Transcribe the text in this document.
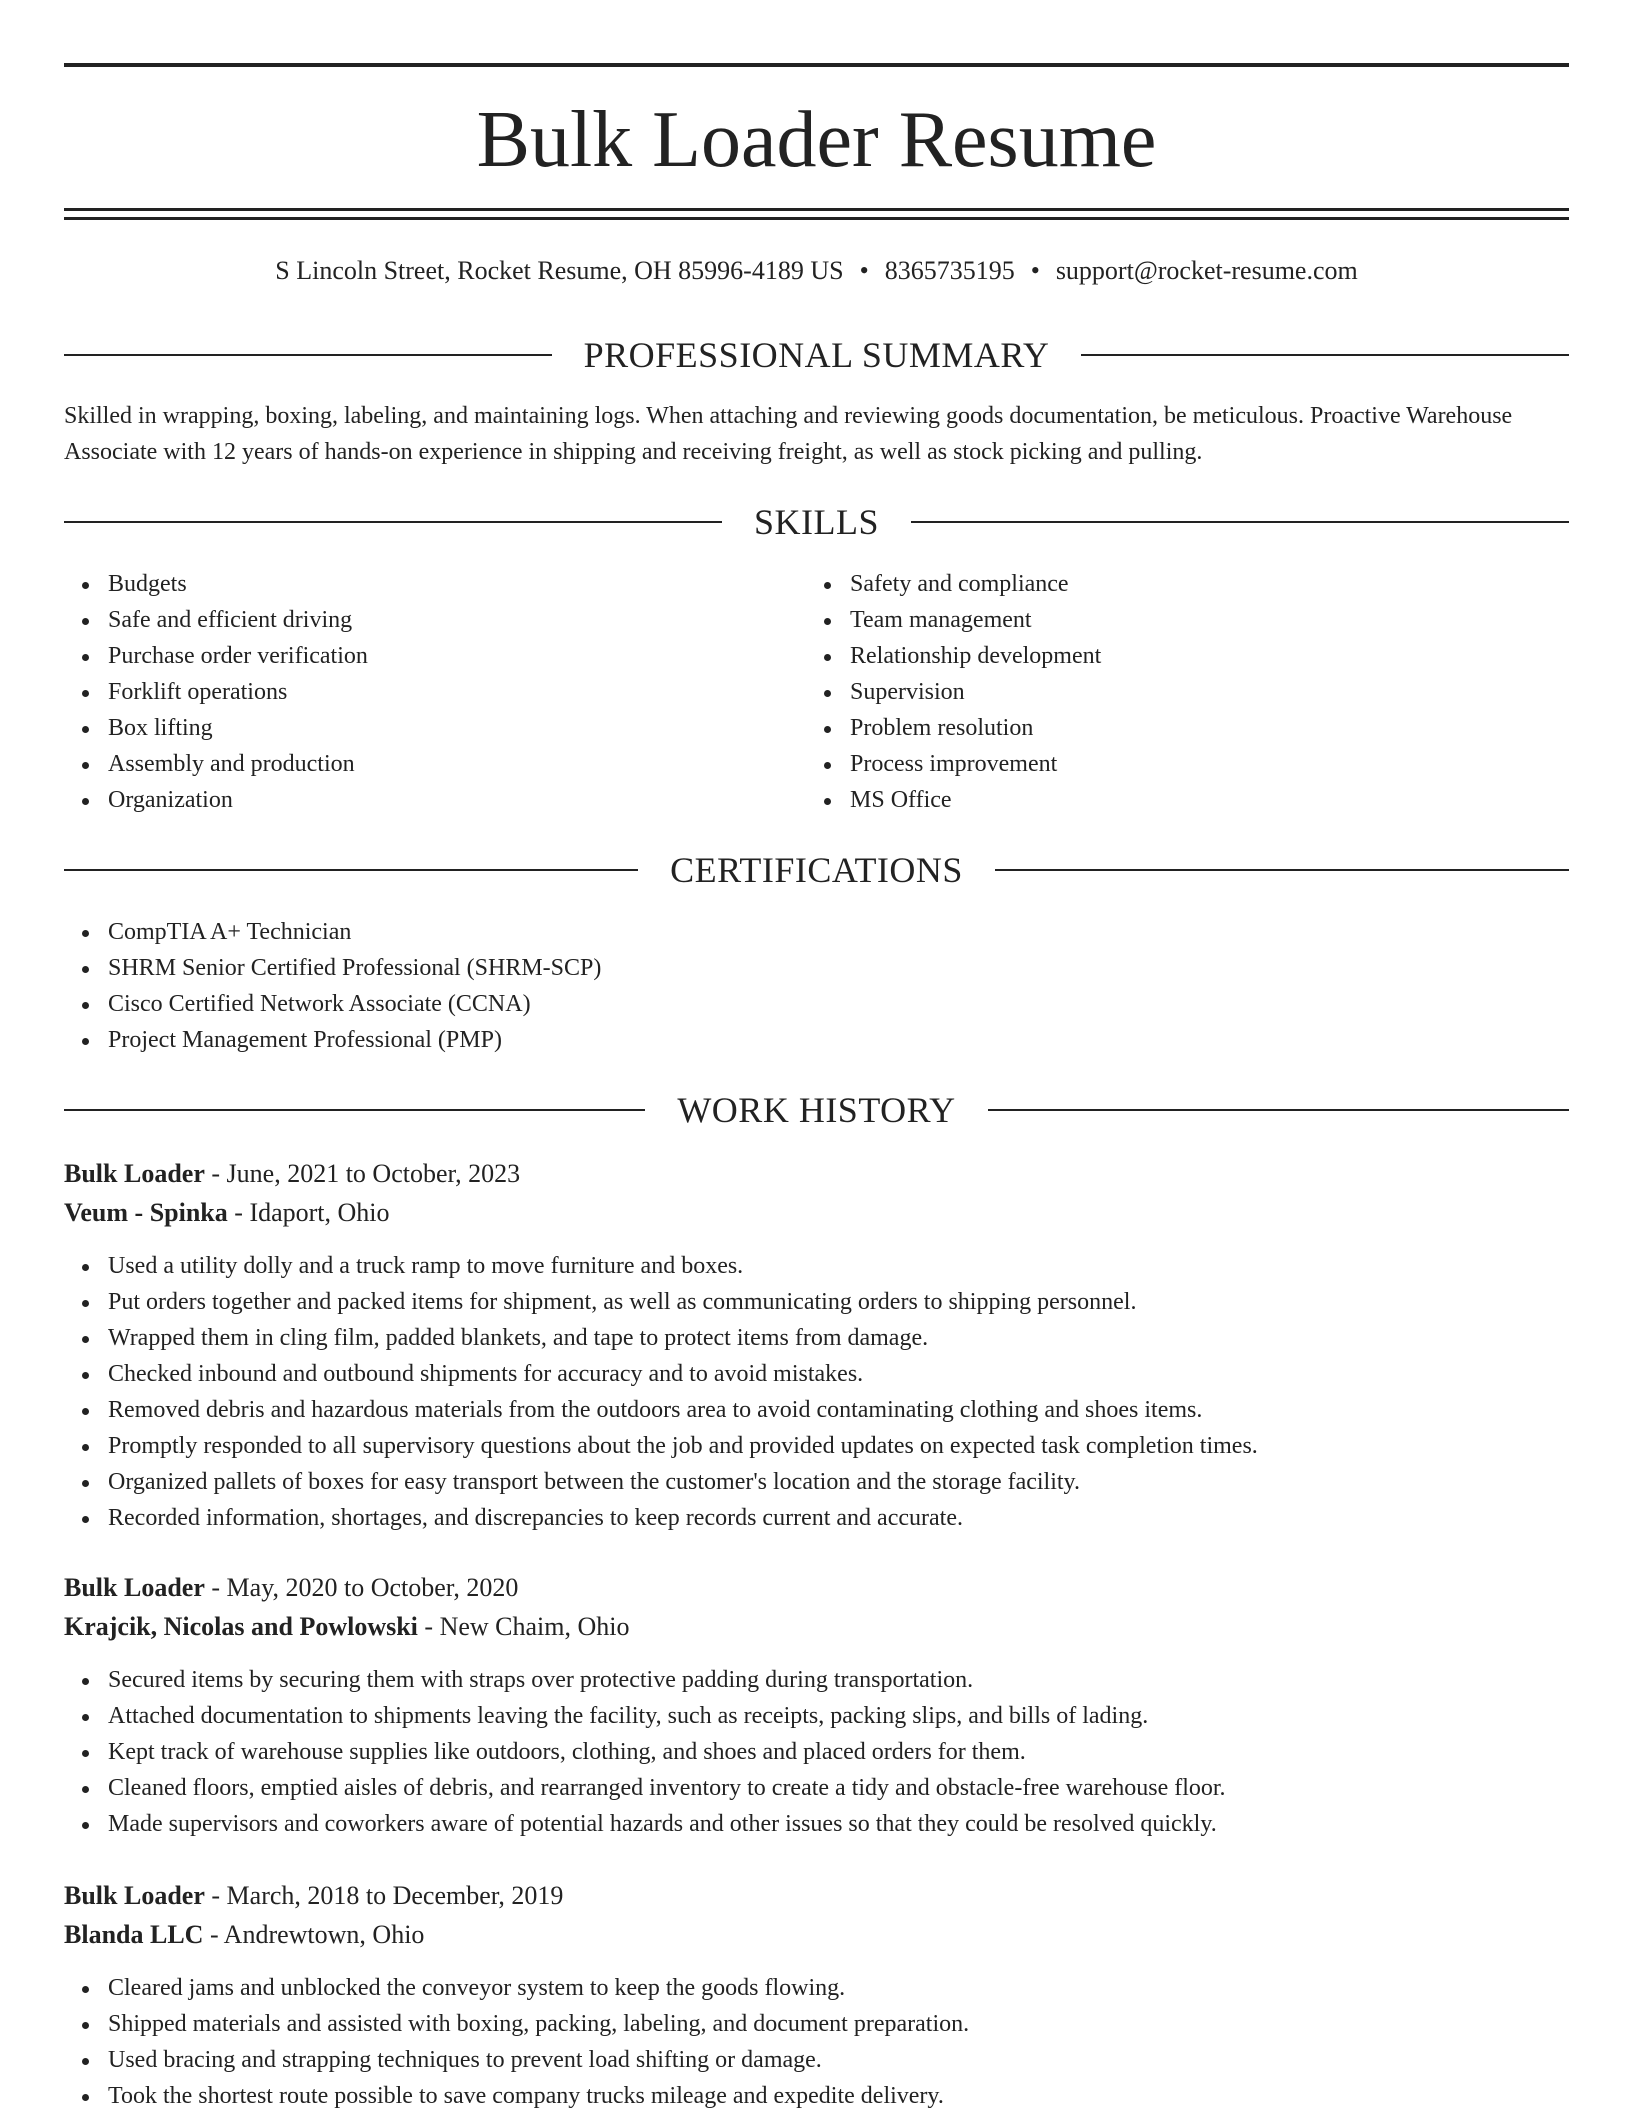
Bulk Loader Resume
S Lincoln Street, Rocket Resume, OH 85996-4189 US • 8365735195 • support@rocket-resume.com
PROFESSIONAL SUMMARY

Skilled in wrapping, boxing, labeling, and maintaining logs. When attaching and reviewing goods documentation, be meticulous. Proactive Warehouse Associate with 12 years of hands-on experience in shipping and receiving freight, as well as stock picking and pulling.

SKILLS
Budgets
Safe and efficient driving
Purchase order verification
Forklift operations
Box lifting
Assembly and production
Organization
Safety and compliance
Team management
Relationship development
Supervision
Problem resolution
Process improvement
MS Office
CERTIFICATIONS
CompTIA A+ Technician
SHRM Senior Certified Professional (SHRM-SCP)
Cisco Certified Network Associate (CCNA)
Project Management Professional (PMP)
WORK HISTORY
Bulk Loader - June, 2021 to October, 2023
Veum - Spinka - Idaport, Ohio
Used a utility dolly and a truck ramp to move furniture and boxes.
Put orders together and packed items for shipment, as well as communicating orders to shipping personnel.
Wrapped them in cling film, padded blankets, and tape to protect items from damage.
Checked inbound and outbound shipments for accuracy and to avoid mistakes.
Removed debris and hazardous materials from the outdoors area to avoid contaminating clothing and shoes items.
Promptly responded to all supervisory questions about the job and provided updates on expected task completion times.
Organized pallets of boxes for easy transport between the customer's location and the storage facility.
Recorded information, shortages, and discrepancies to keep records current and accurate.
Bulk Loader - May, 2020 to October, 2020
Krajcik, Nicolas and Powlowski - New Chaim, Ohio
Secured items by securing them with straps over protective padding during transportation.
Attached documentation to shipments leaving the facility, such as receipts, packing slips, and bills of lading.
Kept track of warehouse supplies like outdoors, clothing, and shoes and placed orders for them.
Cleaned floors, emptied aisles of debris, and rearranged inventory to create a tidy and obstacle-free warehouse floor.
Made supervisors and coworkers aware of potential hazards and other issues so that they could be resolved quickly.
Bulk Loader - March, 2018 to December, 2019
Blanda LLC - Andrewtown, Ohio
Cleared jams and unblocked the conveyor system to keep the goods flowing.
Shipped materials and assisted with boxing, packing, labeling, and document preparation.
Used bracing and strapping techniques to prevent load shifting or damage.
Took the shortest route possible to save company trucks mileage and expedite delivery.
